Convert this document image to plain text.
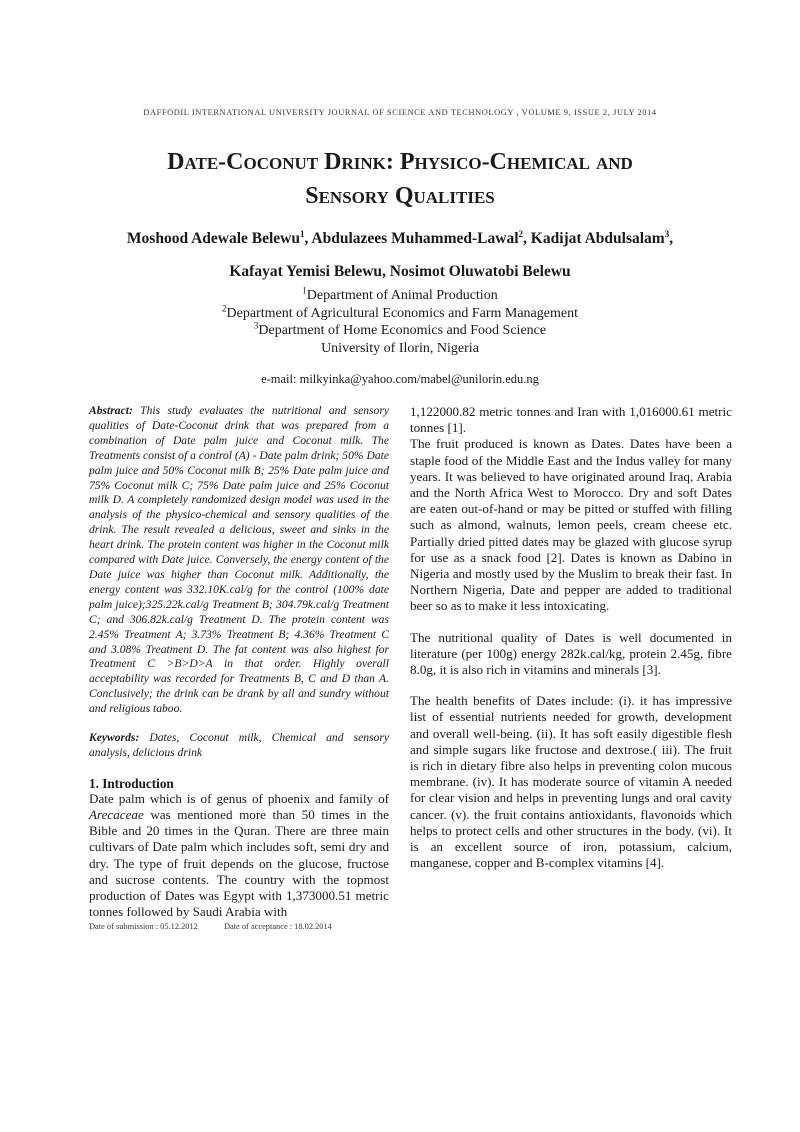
DAFFODIL INTERNATIONAL UNIVERSITY JOURNAL OF SCIENCE AND TECHNOLOGY , VOLUME 9, ISSUE 2, JULY 2014
Date-Coconut Drink: Physico-Chemical and
Sensory Qualities
Moshood Adewale Belewu$^1$, Abdulazees Muhammed-Lawal$^2$, Kadijat Abdulsalam$^3$,
Kafayat Yemisi Belewu, Nosimot Oluwatobi Belewu
$^1$Department of Animal Production
$^2$Department of Agricultural Economics and Farm Management
$^3$Department of Home Economics and Food Science
University of Ilorin, Nigeria
e-mail: milkyinka@yahoo.com/mabel@unilorin.edu.ng

Abstract: This study evaluates the nutritional and sensory qualities of Date-Coconut drink that was prepared from a combination of Date palm juice and Coconut milk. The Treatments consist of a control (A) - Date palm drink; 50% Date palm juice and 50% Coconut milk B; 25% Date palm juice and 75% Coconut milk C; 75% Date palm juice and 25% Coconut milk D. A completely randomized design model was used in the analysis of the physico-chemical and sensory qualities of the drink. The result revealed a delicious, sweet and sinks in the heart drink. The protein content was higher in the Coconut milk compared with Date juice. Conversely, the energy content of the Date juice was higher than Coconut milk. Additionally, the energy content was 332.10K.cal/g for the control (100% date palm juice);325.22k.cal/g Treatment B; 304.79k.cal/g Treatment C; and 306.82k.cal/g Treatment D. The protein content was 2.45% Treatment A; 3.73% Treatment B; 4.36% Treatment C and 3.08% Treatment D. The fat content was also highest for Treatment C >B>D>A in that order. Highly overall acceptability was recorded for Treatments B, C and D than A. Conclusively; the drink can be drank by all and sundry without and religious taboo.

Keywords: Dates, Coconut milk, Chemical and sensory analysis, delicious drink

1. Introduction

Date palm which is of genus of phoenix and family of Arecaceae was mentioned more than 50 times in the Bible and 20 times in the Quran. There are three main cultivars of Date palm which includes soft, semi dry and dry. The type of fruit depends on the glucose, fructose and sucrose contents. The country with the topmost production of Dates was Egypt with 1,373000.51 metric tonnes followed by Saudi Arabia with

Date of submission : 05.12.2012	Date of acceptance : 18.02.2014

1,122000.82 metric tonnes and Iran with 1,016000.61 metric tonnes [1].

The fruit produced is known as Dates. Dates have been a staple food of the Middle East and the Indus valley for many years. It was believed to have originated around Iraq, Arabia and the North Africa West to Morocco. Dry and soft Dates are eaten out-of-hand or may be pitted or stuffed with filling such as almond, walnuts, lemon peels, cream cheese etc. Partially dried pitted dates may be glazed with glucose syrup for use as a snack food [2]. Dates is known as Dabino in Nigeria and mostly used by the Muslim to break their fast. In Northern Nigeria, Date and pepper are added to traditional beer so as to make it less intoxicating.

The nutritional quality of Dates is well documented in literature (per 100g) energy 282k.cal/kg, protein 2.45g, fibre 8.0g, it is also rich in vitamins and minerals [3].

The health benefits of Dates include: (i). it has impressive list of essential nutrients needed for growth, development and overall well-being. (ii). It has soft easily digestible flesh and simple sugars like fructose and dextrose.( iii). The fruit is rich in dietary fibre also helps in preventing colon mucous membrane. (iv). It has moderate source of vitamin A needed for clear vision and helps in preventing lungs and oral cavity cancer. (v). the fruit contains antioxidants, flavonoids which helps to protect cells and other structures in the body. (vi). It is an excellent source of iron, potassium, calcium, manganese, copper and B-complex vitamins [4].
